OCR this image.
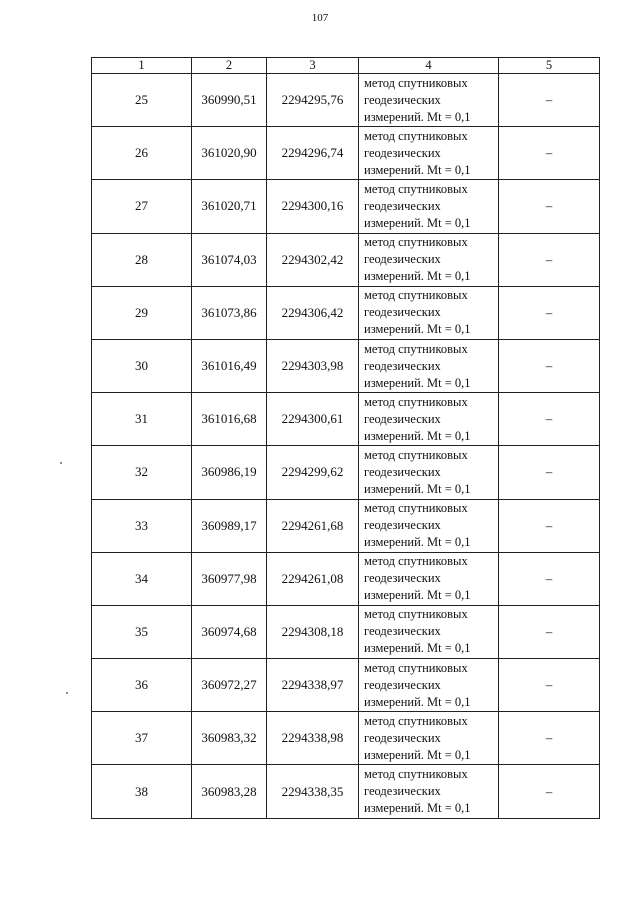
107
1	2	3	4	5
25	360990,51	2294295,76	метод спутниковых
геодезических
измерений. Mt = 0,1	–
26	361020,90	2294296,74	метод спутниковых
геодезических
измерений. Mt = 0,1	–
27	361020,71	2294300,16	метод спутниковых
геодезических
измерений. Mt = 0,1	–
28	361074,03	2294302,42	метод спутниковых
геодезических
измерений. Mt = 0,1	–
29	361073,86	2294306,42	метод спутниковых
геодезических
измерений. Mt = 0,1	–
30	361016,49	2294303,98	метод спутниковых
геодезических
измерений. Mt = 0,1	–
31	361016,68	2294300,61	метод спутниковых
геодезических
измерений. Mt = 0,1	–
32	360986,19	2294299,62	метод спутниковых
геодезических
измерений. Mt = 0,1	–
33	360989,17	2294261,68	метод спутниковых
геодезических
измерений. Mt = 0,1	–
34	360977,98	2294261,08	метод спутниковых
геодезических
измерений. Mt = 0,1	–
35	360974,68	2294308,18	метод спутниковых
геодезических
измерений. Mt = 0,1	–
36	360972,27	2294338,97	метод спутниковых
геодезических
измерений. Mt = 0,1	–
37	360983,32	2294338,98	метод спутниковых
геодезических
измерений. Mt = 0,1	–
38	360983,28	2294338,35	метод спутниковых
геодезических
измерений. Mt = 0,1	–
